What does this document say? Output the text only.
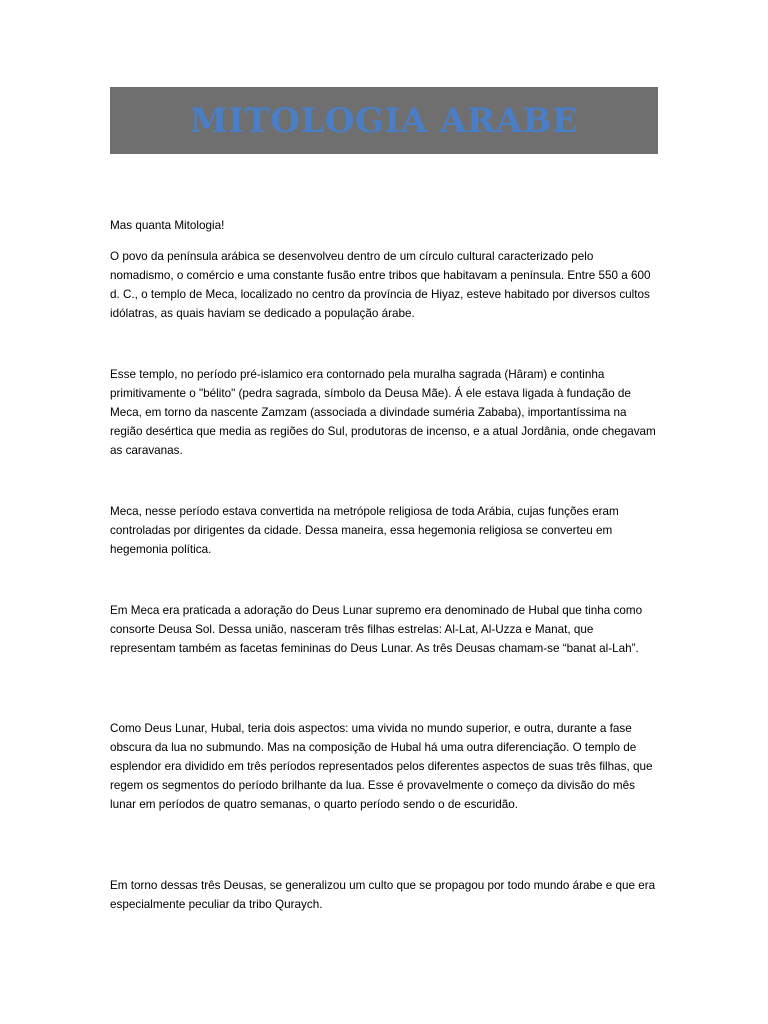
MITOLOGIA ARABE

Mas quanta Mitologia!

O povo da península arábica se desenvolveu dentro de um círculo cultural caracterizado pelo nomadismo, o comércio e uma constante fusão entre tribos que habitavam a península. Entre 550 a 600 d. C., o templo de Meca, localizado no centro da província de Hiyaz, esteve habitado por diversos cultos idólatras, as quais haviam se dedicado a população árabe.

Esse templo, no período pré-islamico era contornado pela muralha sagrada (Hâram) e continha primitivamente o "bélito" (pedra sagrada, símbolo da Deusa Mãe). Á ele estava ligada à fundação de Meca, em torno da nascente Zamzam (associada a divindade suméria Zababa), importantíssima na região desértica que media as regiões do Sul, produtoras de incenso, e a atual Jordânia, onde chegavam as caravanas.

Meca, nesse período estava convertida na metrópole religiosa de toda Arábia, cujas funções eram controladas por dirigentes da cidade. Dessa maneira, essa hegemonia religiosa se converteu em hegemonia política.

Em Meca era praticada a adoração do Deus Lunar supremo era denominado de Hubal que tinha como consorte Deusa Sol. Dessa união, nasceram três filhas estrelas: Al-Lat, Al-Uzza e Manat, que representam também as facetas femininas do Deus Lunar. As três Deusas chamam-se “banat al-Lah”.

Como Deus Lunar, Hubal, teria dois aspectos: uma vivida no mundo superior, e outra, durante a fase obscura da lua no submundo. Mas na composição de Hubal há uma outra diferenciação. O templo de esplendor era dividido em três períodos representados pelos diferentes aspectos de suas três filhas, que regem os segmentos do período brilhante da lua. Esse é provavelmente o começo da divisão do mês lunar em períodos de quatro semanas, o quarto período sendo o de escuridão.

Em torno dessas três Deusas, se generalizou um culto que se propagou por todo mundo árabe e que era especialmente peculiar da tribo Quraych.
